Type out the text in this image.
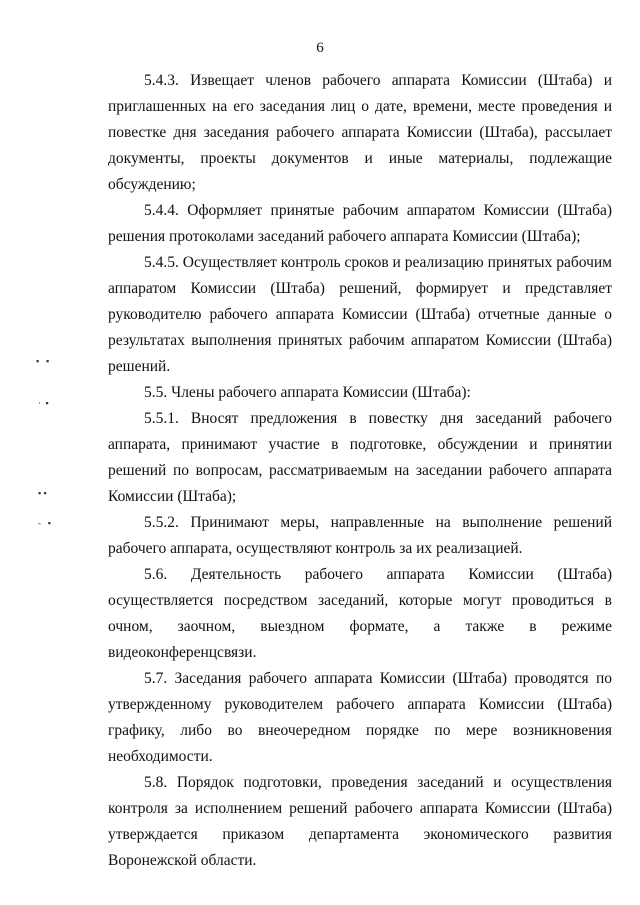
6
▪   ▪
·  ▪
▪ ▪
-   ▪

5.4.3. Извещает членов рабочего аппарата Комиссии (Штаба) и приглашенных на его заседания лиц о дате, времени, месте проведения и повестке дня заседания рабочего аппарата Комиссии (Штаба), рассылает документы, проекты документов и иные материалы, подлежащие обсуждению;

5.4.4. Оформляет принятые рабочим аппаратом Комиссии (Штаба) решения протоколами заседаний рабочего аппарата Комиссии (Штаба);

5.4.5. Осуществляет контроль сроков и реализацию принятых рабочим аппаратом Комиссии (Штаба) решений, формирует и представляет руководителю рабочего аппарата Комиссии (Штаба) отчетные данные о результатах выполнения принятых рабочим аппаратом Комиссии (Штаба) решений.

5.5. Члены рабочего аппарата Комиссии (Штаба):

5.5.1. Вносят предложения в повестку дня заседаний рабочего аппарата, принимают участие в подготовке, обсуждении и принятии решений по вопросам, рассматриваемым на заседании рабочего аппарата Комиссии (Штаба);

5.5.2. Принимают меры, направленные на выполнение решений рабочего аппарата, осуществляют контроль за их реализацией.

5.6. Деятельность рабочего аппарата Комиссии (Штаба) осуществляется посредством заседаний, которые могут проводиться в очном, заочном, выездном формате, а также в режиме видеоконференцсвязи.

5.7. Заседания рабочего аппарата Комиссии (Штаба) проводятся по утвержденному руководителем рабочего аппарата Комиссии (Штаба) графику, либо во внеочередном порядке по мере возникновения необходимости.

5.8. Порядок подготовки, проведения заседаний и осуществления контроля за исполнением решений рабочего аппарата Комиссии (Штаба) утверждается приказом департамента экономического развития Воронежской области.
